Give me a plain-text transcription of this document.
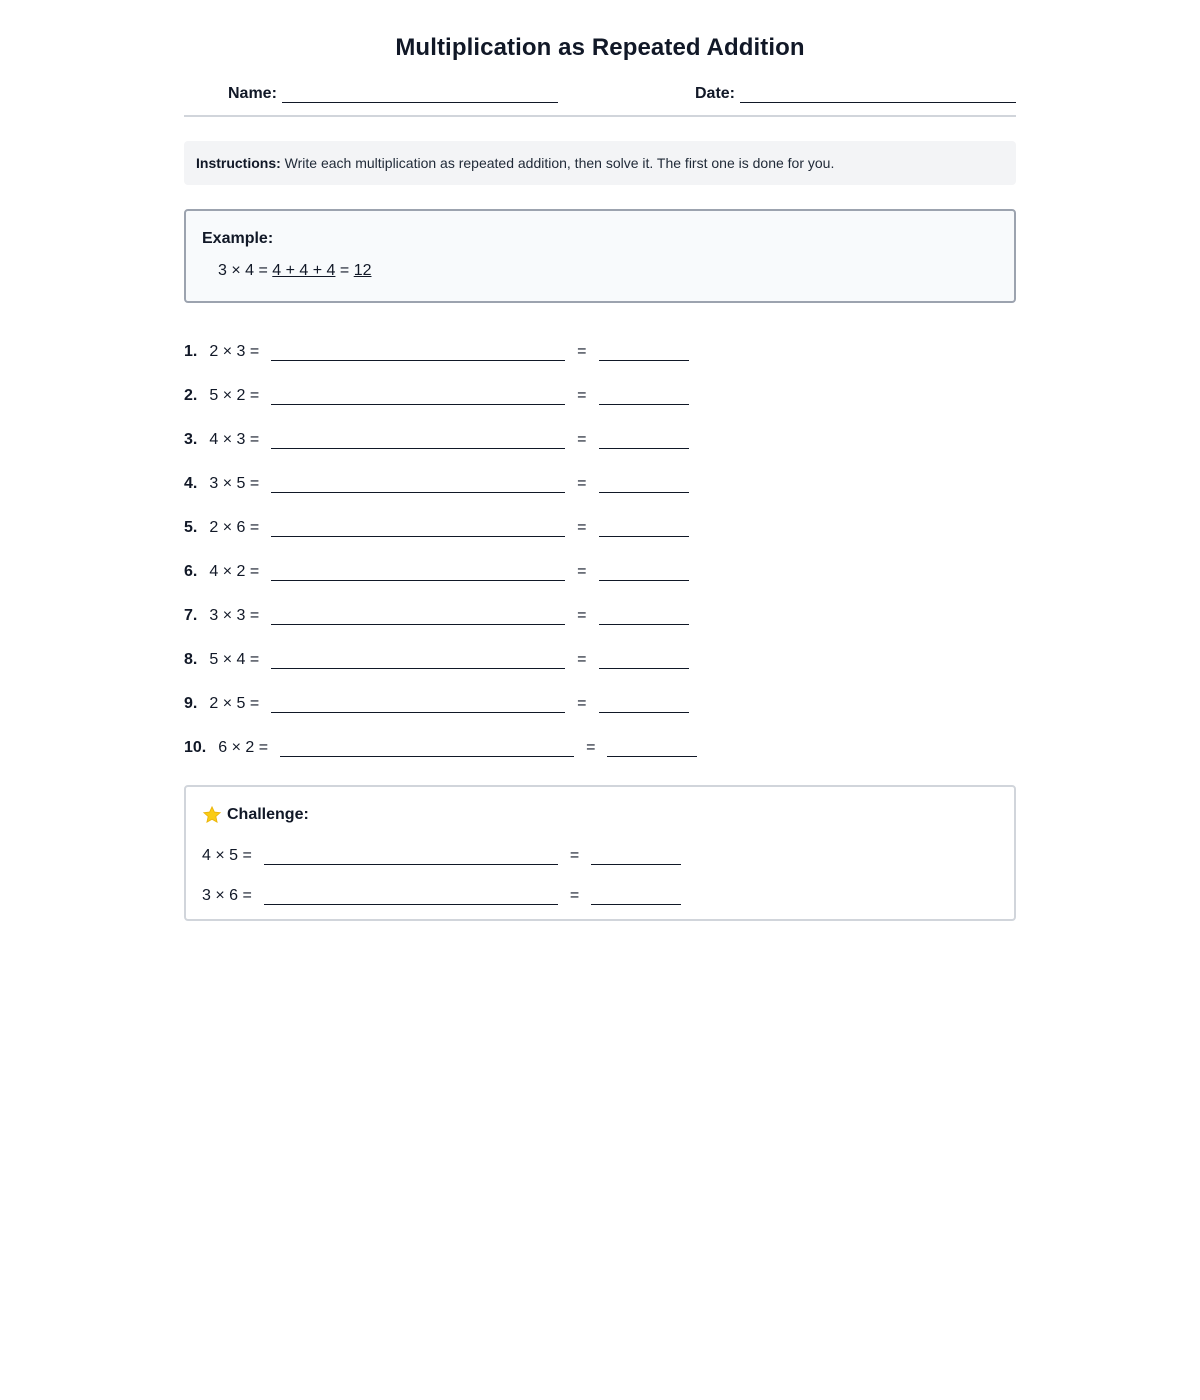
Multiplication as Repeated Addition
Name:	Date:
Instructions: Write each multiplication as repeated addition, then solve it. The first one is done for you.
Example:
3 × 4 = 4 + 4 + 4 = 12
1. 2 × 3 =	=
2. 5 × 2 =	=
3. 4 × 3 =	=
4. 3 × 5 =	=
5. 2 × 6 =	=
6. 4 × 2 =	=
7. 3 × 3 =	=
8. 5 × 4 =	=
9. 2 × 5 =	=
10. 6 × 2 =	=
Challenge:
4 × 5 =	=
3 × 6 =	=
